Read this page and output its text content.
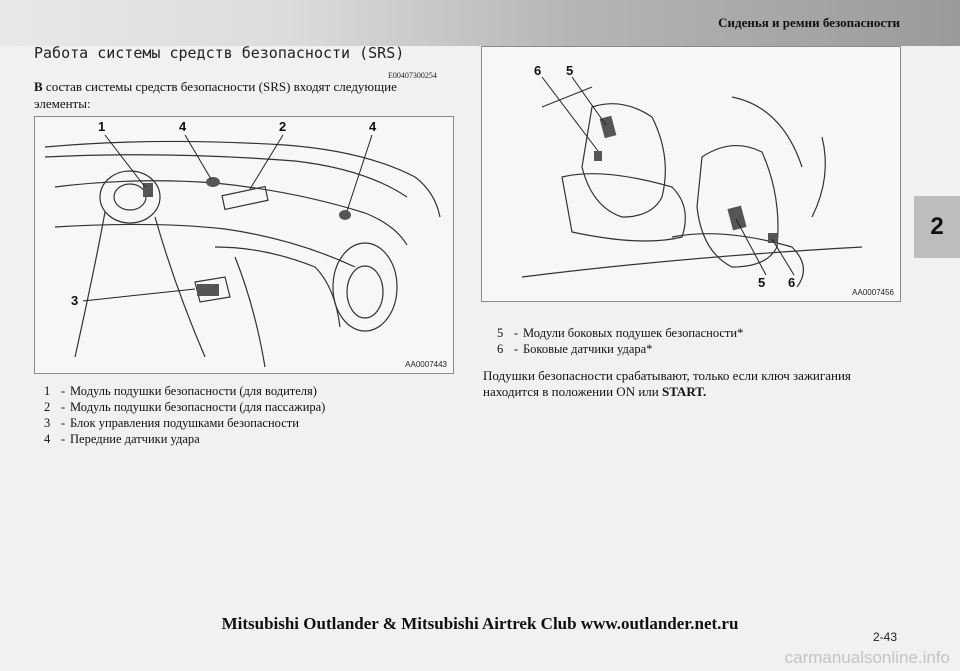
Сиденья и ремни безопасности
2
Работа системы средств безопасности (SRS)
E00407300254
В состав системы средств безопасности (SRS) входят следующие элементы:
1	4	2	4
3
AA0007443
6 5
5 6
AA0007456
5 - Модули боковых подушек безопасности*
6 - Боковые датчики удара*
Подушки безопасности срабатывают, только если ключ зажигания находится в положении ON или START.
1 - Модуль подушки безопасности (для водителя)
2 - Модуль подушки безопасности (для пассажира)
3 - Блок управления подушками безопасности
4 - Передние датчики удара
Mitsubishi Outlander & Mitsubishi Airtrek Club www.outlander.net.ru
2-43
carmanualsonline.info
